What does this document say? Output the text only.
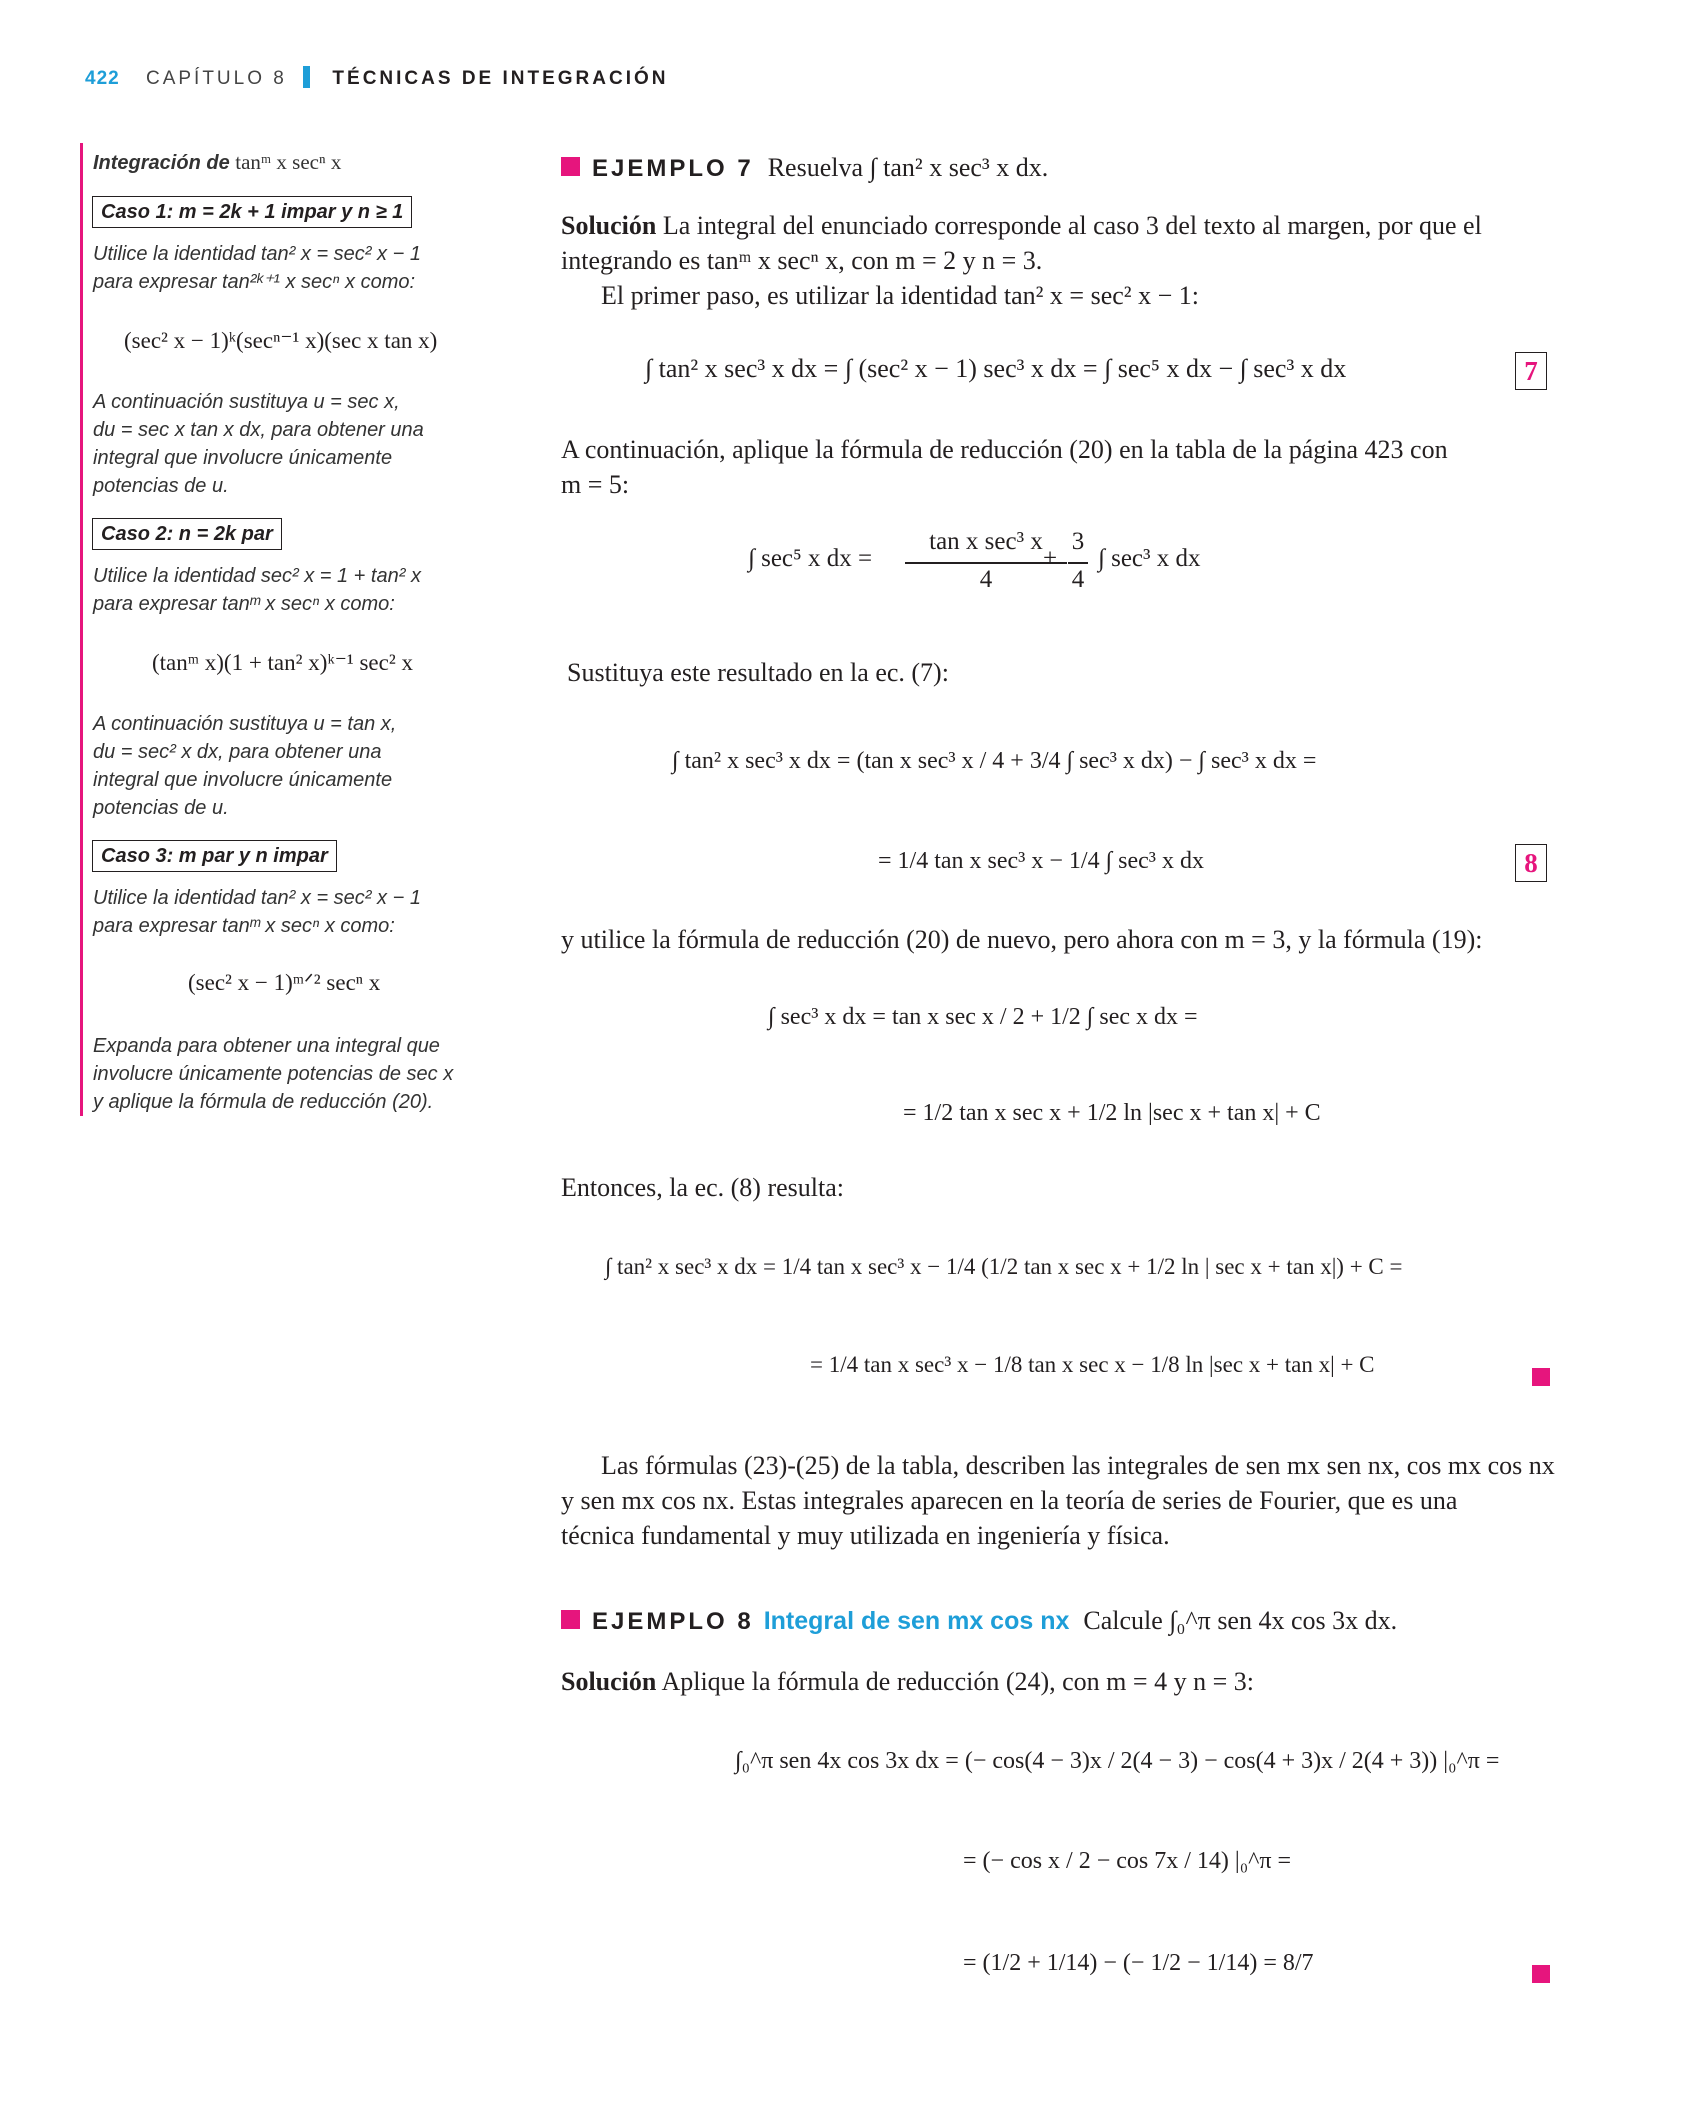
422 CAPÍTULO 8 TÉCNICAS DE INTEGRACIÓN
Integración de tanᵐ x secⁿ x
Caso 1: m = 2k + 1 impar y n ≥ 1
Utilice la identidad tan² x = sec² x − 1
para expresar tan²ᵏ⁺¹ x secⁿ x como:
(sec² x − 1)ᵏ(secⁿ⁻¹ x)(sec x tan x)
A continuación sustituya u = sec x,
du = sec x tan x dx, para obtener una
integral que involucre únicamente
potencias de u.
Caso 2: n = 2k par
Utilice la identidad sec² x = 1 + tan² x
para expresar tanᵐ x secⁿ x como:
(tanᵐ x)(1 + tan² x)ᵏ⁻¹ sec² x
A continuación sustituya u = tan x,
du = sec² x dx, para obtener una
integral que involucre únicamente
potencias de u.
Caso 3: m par y n impar
Utilice la identidad tan² x = sec² x − 1
para expresar tanᵐ x secⁿ x como:
(sec² x − 1)ᵐᐟ² secⁿ x
Expanda para obtener una integral que
involucre únicamente potencias de sec x
y aplique la fórmula de reducción (20).
EJEMPLO 7 Resuelva ∫ tan² x sec³ x dx.
Solución La integral del enunciado corresponde al caso 3 del texto al margen, por que el
integrando es tanᵐ x secⁿ x, con m = 2 y n = 3.
El primer paso, es utilizar la identidad tan² x = sec² x − 1:
∫ tan² x sec³ x dx = ∫ (sec² x − 1) sec³ x dx = ∫ sec⁵ x dx − ∫ sec³ x dx	7
A continuación, aplique la fórmula de reducción (20) en la tabla de la página 423 con
m = 5:
∫ sec⁵ x dx =
tan x sec³ x
4
+
3
4
∫ sec³ x dx
Sustituya este resultado en la ec. (7):
∫ tan² x sec³ x dx = (tan x sec³ x / 4 + 3/4 ∫ sec³ x dx) − ∫ sec³ x dx =
= 1/4 tan x sec³ x − 1/4 ∫ sec³ x dx	8
y utilice la fórmula de reducción (20) de nuevo, pero ahora con m = 3, y la fórmula (19):
∫ sec³ x dx = tan x sec x / 2 + 1/2 ∫ sec x dx =
= 1/2 tan x sec x + 1/2 ln |sec x + tan x| + C
Entonces, la ec. (8) resulta:
∫ tan² x sec³ x dx = 1/4 tan x sec³ x − 1/4 (1/2 tan x sec x + 1/2 ln | sec x + tan x|) + C =
= 1/4 tan x sec³ x − 1/8 tan x sec x − 1/8 ln |sec x + tan x| + C
Las fórmulas (23)-(25) de la tabla, describen las integrales de sen mx sen nx, cos mx cos nx
y sen mx cos nx. Estas integrales aparecen en la teoría de series de Fourier, que es una
técnica fundamental y muy utilizada en ingeniería y física.
EJEMPLO 8 Integral de sen mx cos nx Calcule ∫₀^π sen 4x cos 3x dx.
Solución Aplique la fórmula de reducción (24), con m = 4 y n = 3:
∫₀^π sen 4x cos 3x dx = (− cos(4 − 3)x / 2(4 − 3) − cos(4 + 3)x / 2(4 + 3)) |₀^π =
= (− cos x / 2 − cos 7x / 14) |₀^π =
= (1/2 + 1/14) − (− 1/2 − 1/14) = 8/7
